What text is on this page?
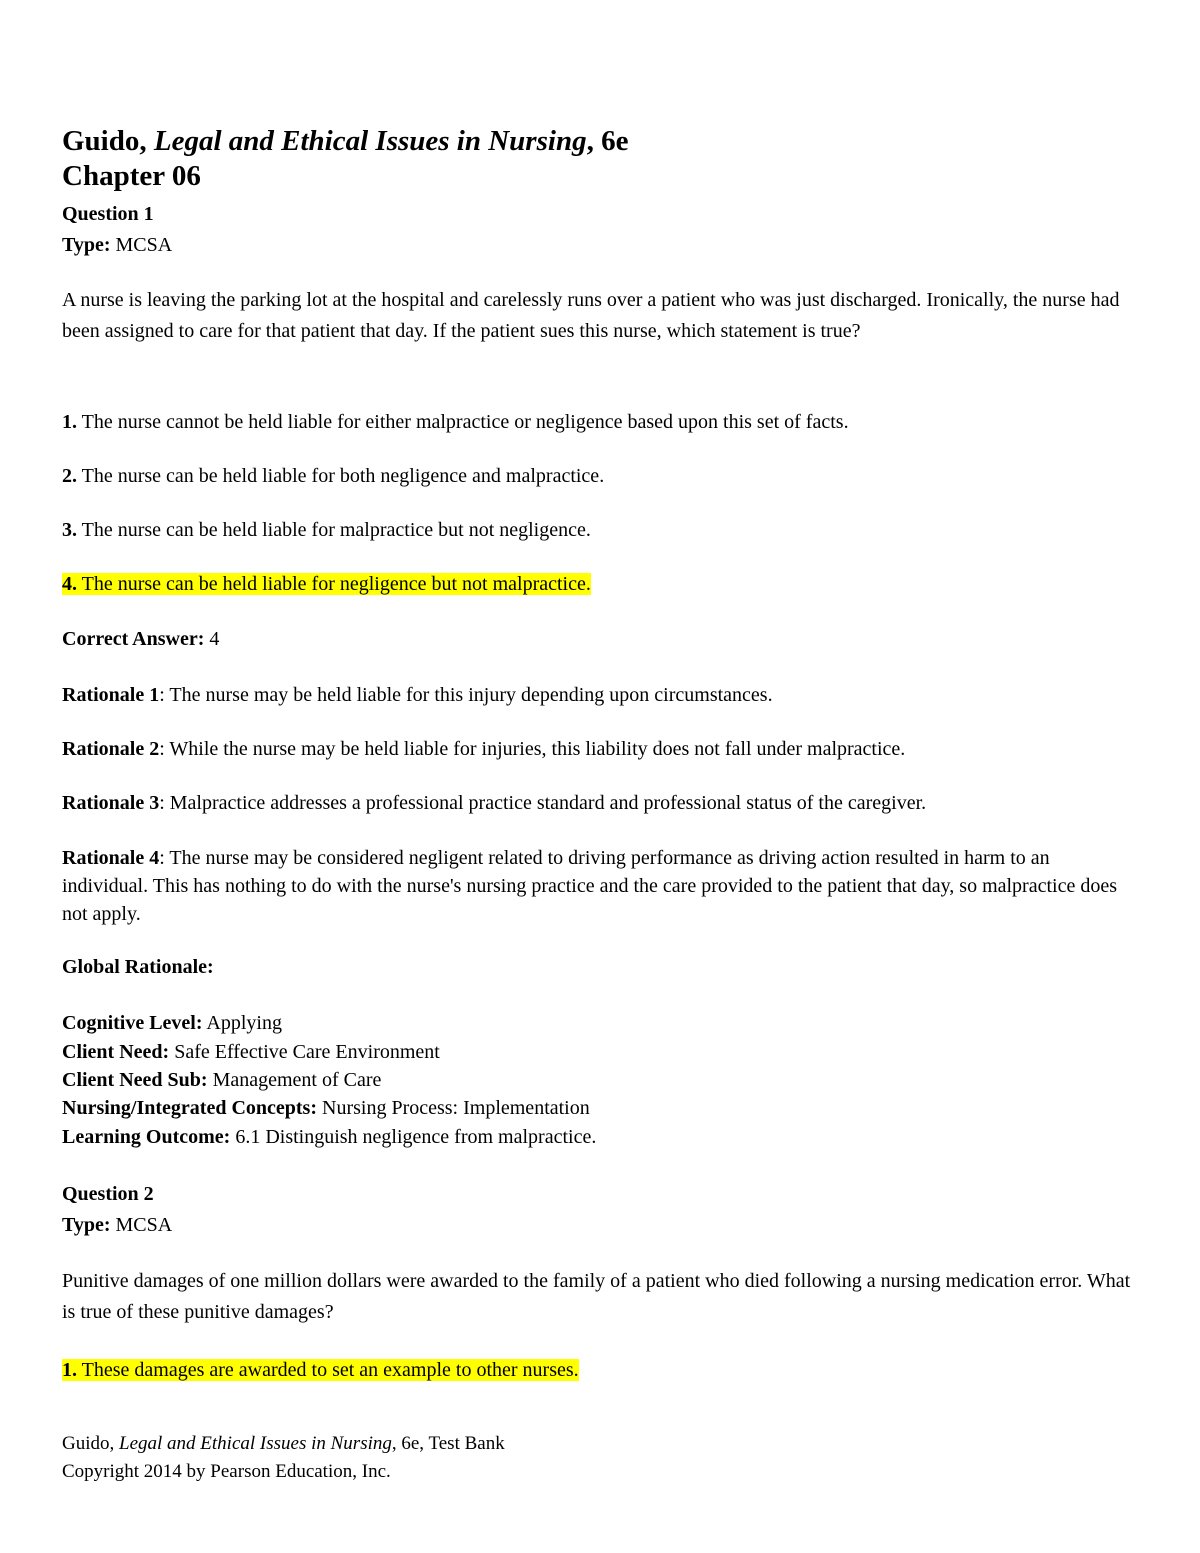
Guido, Legal and Ethical Issues in Nursing, 6e
Chapter 06
Question 1
Type: MCSA
A nurse is leaving the parking lot at the hospital and carelessly runs over a patient who was just discharged. Ironically, the nurse had been assigned to care for that patient that day. If the patient sues this nurse, which statement is true?
1. The nurse cannot be held liable for either malpractice or negligence based upon this set of facts.
2. The nurse can be held liable for both negligence and malpractice.
3. The nurse can be held liable for malpractice but not negligence.
4. The nurse can be held liable for negligence but not malpractice.
Correct Answer: 4
Rationale 1: The nurse may be held liable for this injury depending upon circumstances.
Rationale 2: While the nurse may be held liable for injuries, this liability does not fall under malpractice.
Rationale 3: Malpractice addresses a professional practice standard and professional status of the caregiver.
Rationale 4: The nurse may be considered negligent related to driving performance as driving action resulted in harm to an individual. This has nothing to do with the nurse's nursing practice and the care provided to the patient that day, so malpractice does not apply.
Global Rationale:
Cognitive Level: Applying
Client Need: Safe Effective Care Environment
Client Need Sub: Management of Care
Nursing/Integrated Concepts: Nursing Process: Implementation
Learning Outcome: 6.1 Distinguish negligence from malpractice.
Question 2
Type: MCSA
Punitive damages of one million dollars were awarded to the family of a patient who died following a nursing medication error. What is true of these punitive damages?
1. These damages are awarded to set an example to other nurses.
Guido, Legal and Ethical Issues in Nursing, 6e, Test Bank
Copyright 2014 by Pearson Education, Inc.
